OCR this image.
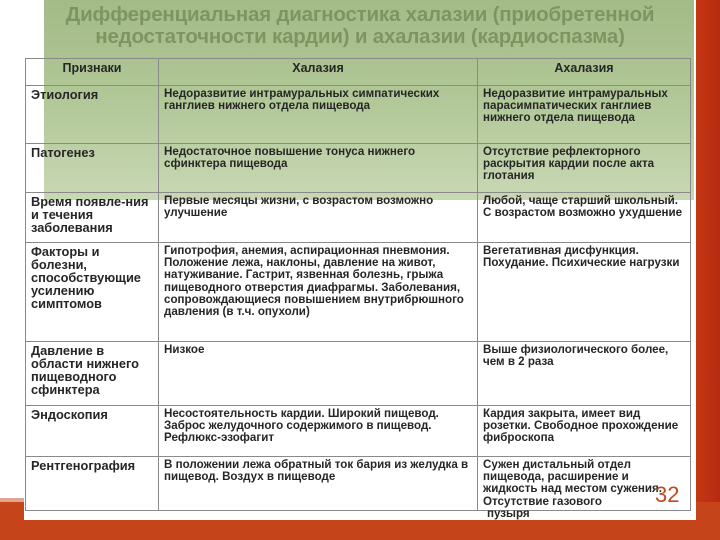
Признаки	Халазия	Ахалазия
Этиология	Недоразвитие интрамуральных симпатических ганглиев нижнего отдела пищевода	Недоразвитие интрамуральных парасимпатических ганглиев нижнего отдела пищевода
Патогенез	Недостаточное повышение тонуса нижнего сфинктера пищевода	Отсутствие рефлекторного раскрытия кардии после акта глотания
Время появле-ния и течения заболевания	Первые месяцы жизни, с возрастом возможно улучшение	Любой, чаще старший школьный. С возрастом возможно ухудшение
Факторы и болезни, способствующие усилению симптомов	Гипотрофия, анемия, аспирационная пневмония. Положение лежа, наклоны, давление на живот, натуживание. Гастрит, язвенная болезнь, грыжа пищеводного отверстия диафрагмы. Заболевания, сопровождающиеся повышением внутрибрюшного давления (в т.ч. опухоли)	Вегетативная дисфункция. Похудание. Психические нагрузки
Давление в области нижнего пищеводного сфинктера	Низкое	Выше физиологического более, чем в 2 раза
Эндоскопия	Несостоятельность кардии. Широкий пищевод. Заброс желудочного содержимого в пищевод. Рефлюкс-эзофагит	Кардия закрыта, имеет вид розетки. Свободное прохождение фиброскопа
Рентгенография	В положении лежа обратный ток бария из желудка в пищевод. Воздух в пищеводе	Сужен дистальный отдел пищевода, расширение и жидкость над местом сужения. Отсутствие газового
пузыря
32
